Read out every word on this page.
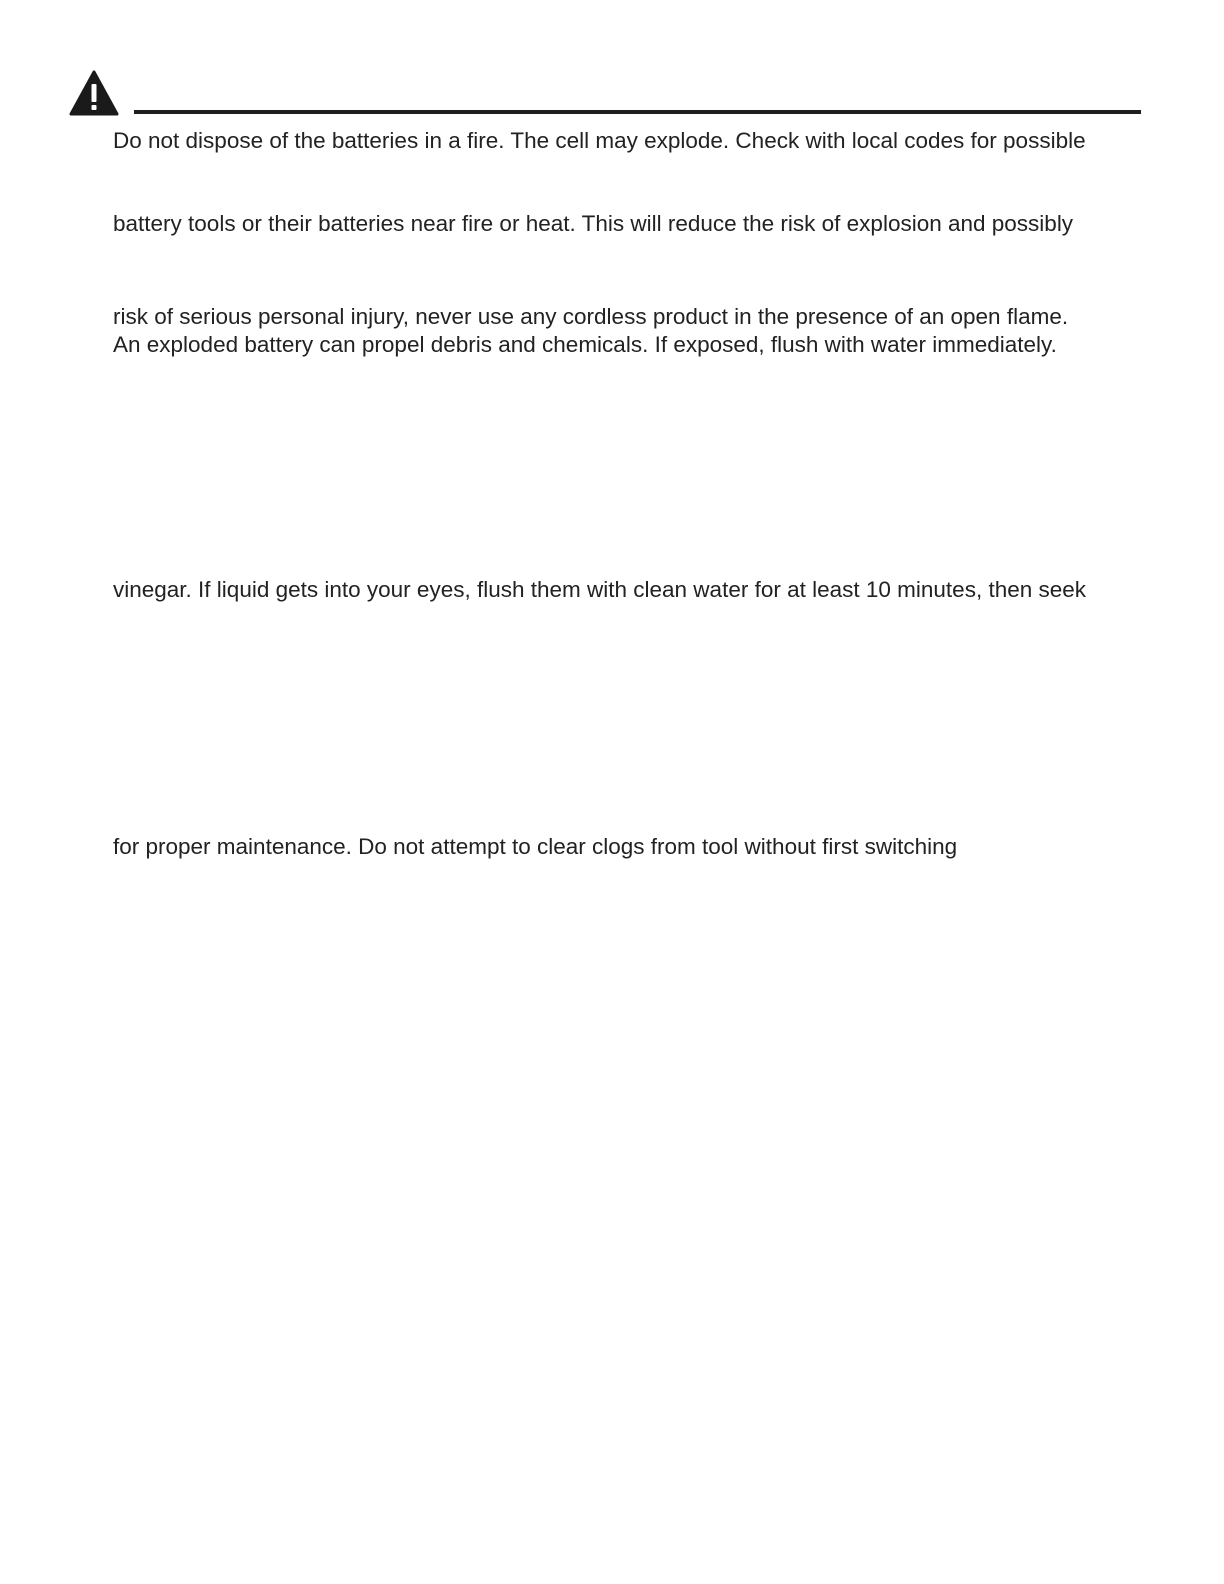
Do not dispose of the batteries in a fire. The cell may explode. Check with local codes for possible
battery tools or their batteries near fire or heat. This will reduce the risk of explosion and possibly
risk of serious personal injury, never use any cordless product in the presence of an open flame.
An exploded battery can propel debris and chemicals. If exposed, flush with water immediately.
vinegar. If liquid gets into your eyes, flush them with clean water for at least 10 minutes, then seek
for proper maintenance. Do not attempt to clear clogs from tool without first switching
